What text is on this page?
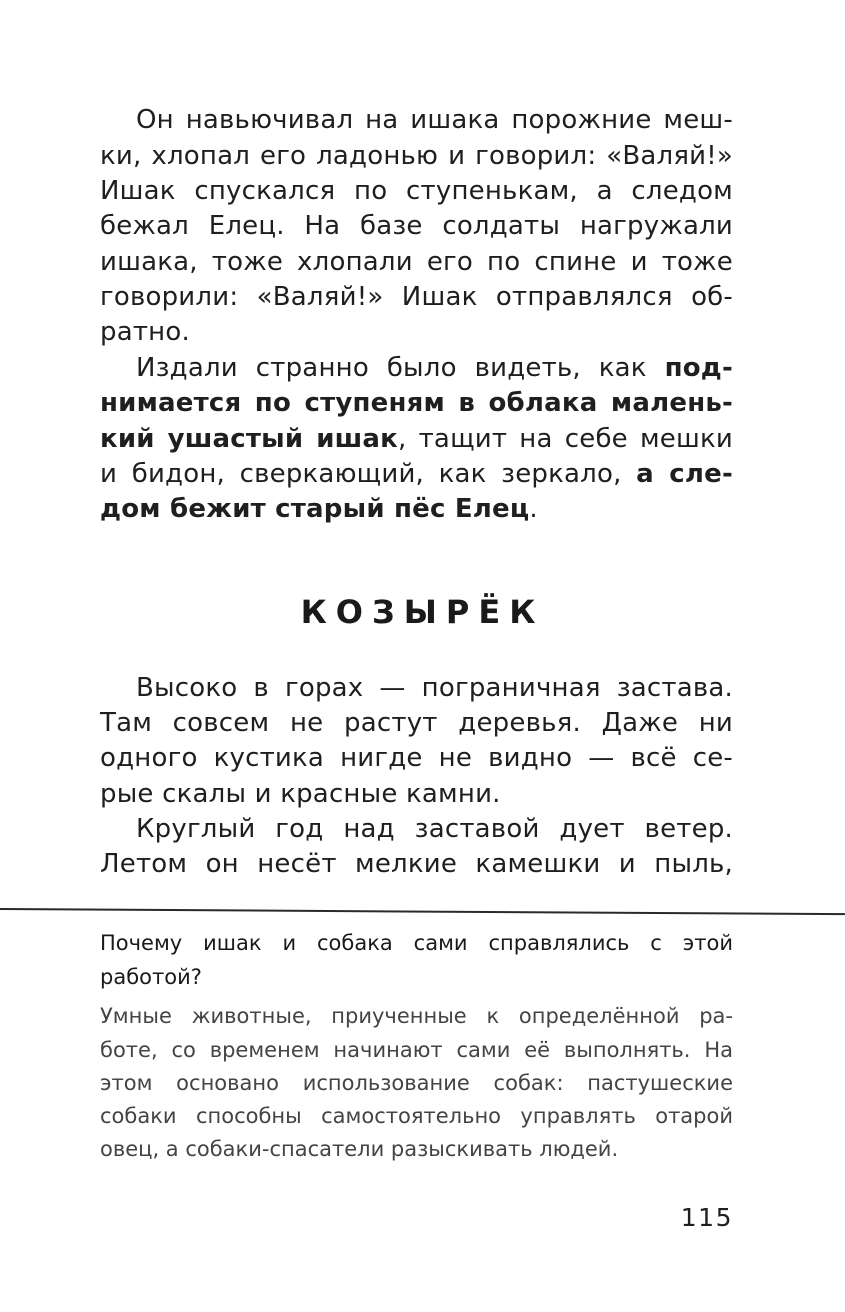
Он навьючивал на ишака порожние меш-
ки, хлопал его ладонью и говорил: «Валяй!»
Ишак спускался по ступенькам, а следом
бежал Елец. На базе солдаты нагружали
ишака, тоже хлопали его по спине и тоже
говорили: «Валяй!» Ишак отправлялся об-
ратно.
Издали странно было видеть, как под-
нимается по ступеням в облака малень-
кий ушастый ишак, тащит на себе мешки
и бидон, сверкающий, как зеркало, а сле-
дом бежит старый пёс Елец.
КОЗЫРЁК
Высоко в горах — пограничная застава.
Там совсем не растут деревья. Даже ни
одного кустика нигде не видно — всё се-
рые скалы и красные камни.
Круглый год над заставой дует ветер.
Летом он несёт мелкие камешки и пыль,
Почему ишак и собака сами справлялись с этой
работой?
Умные животные, приученные к определённой ра-
боте, со временем начинают сами её выполнять. На
этом основано использование собак: пастушеские
собаки способны самостоятельно управлять отарой
овец, а собаки-спасатели разыскивать людей.
115
